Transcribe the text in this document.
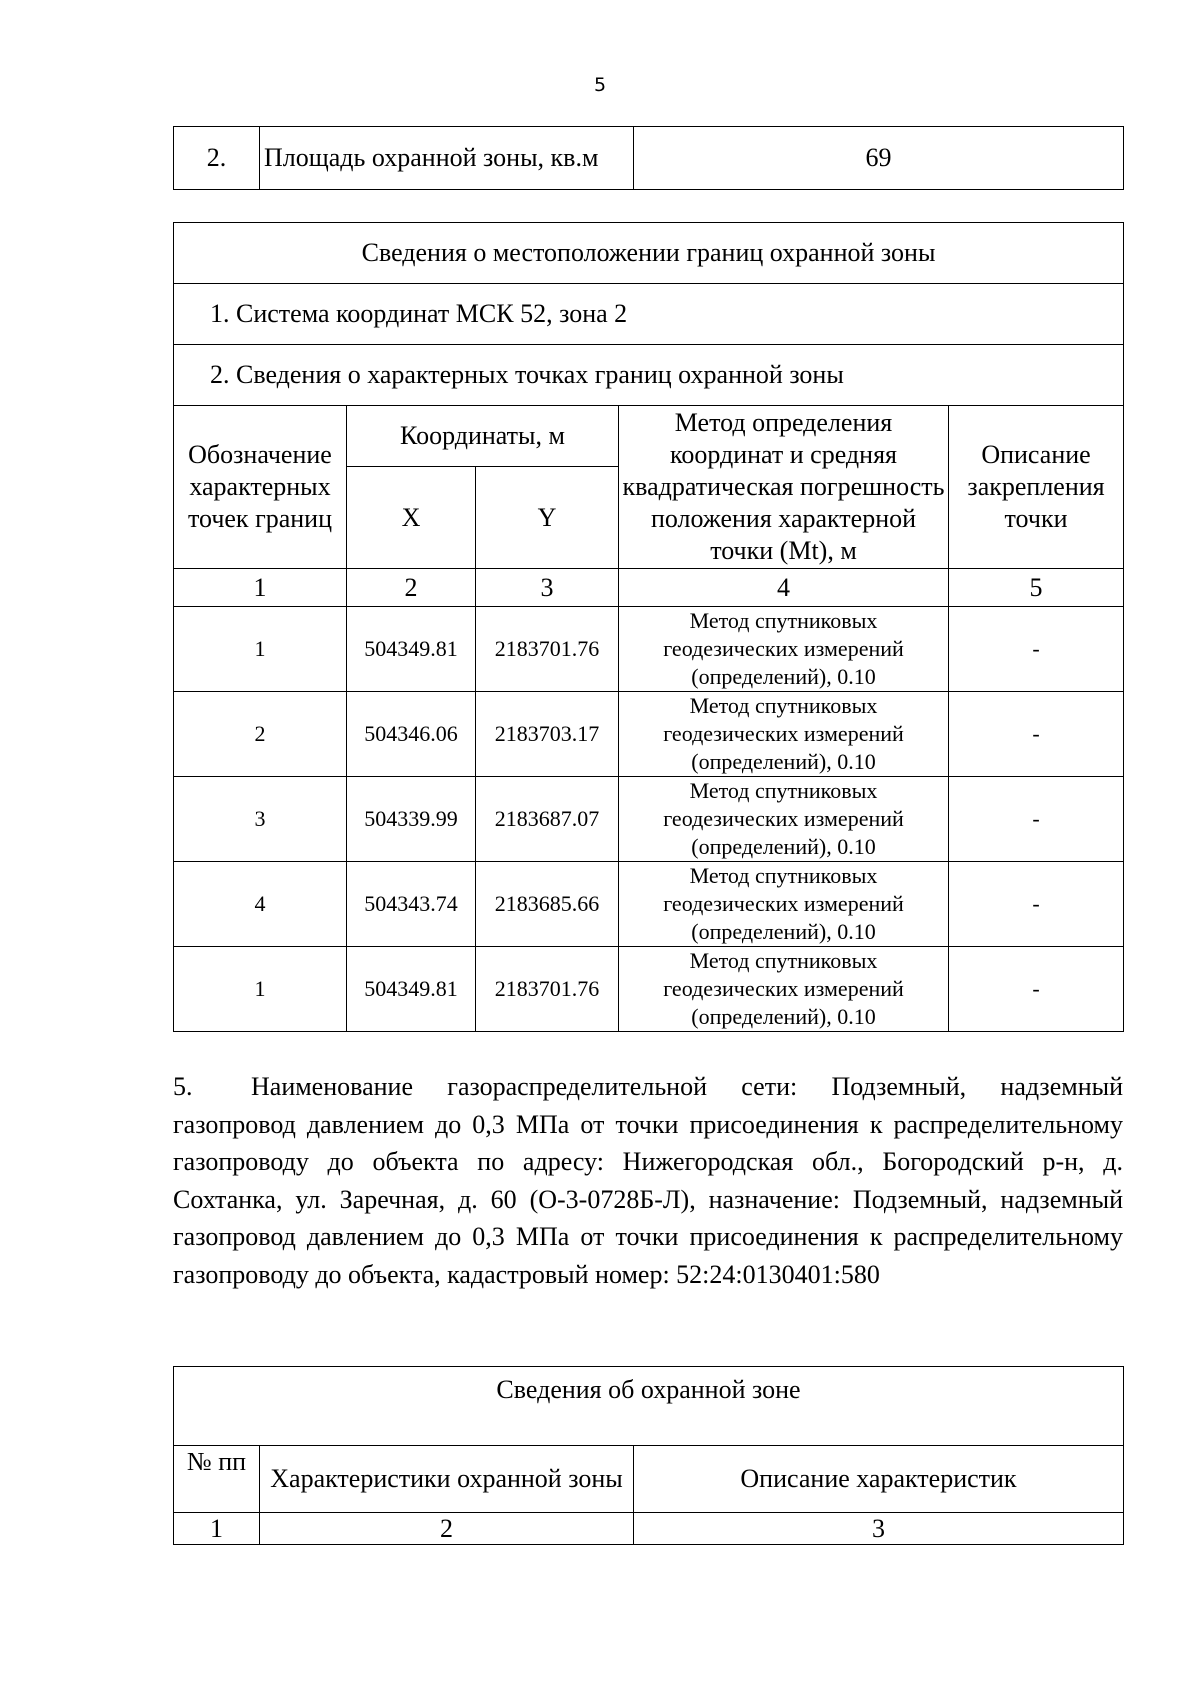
5
2.	Площадь охранной зоны, кв.м	69
Сведения о местоположении границ охранной зоны				
1. Система координат МСК 52, зона 2				
2. Сведения о характерных точках границ охранной зоны				
Обозначение характерных точек границ	Координаты, м		Метод определения координат и средняя квадратическая погрешность положения характерной точки (Mt), м	Описание закрепления точки
	X	Y		
1	2	3	4	5
1	504349.81	2183701.76	Метод спутниковых
геодезических измерений
(определений), 0.10	-
2	504346.06	2183703.17	Метод спутниковых
геодезических измерений
(определений), 0.10	-
3	504339.99	2183687.07	Метод спутниковых
геодезических измерений
(определений), 0.10	-
4	504343.74	2183685.66	Метод спутниковых
геодезических измерений
(определений), 0.10	-
1	504349.81	2183701.76	Метод спутниковых
геодезических измерений
(определений), 0.10	-

5. Наименование газораспределительной сети: Подземный, надземный газопровод давлением до 0,3 МПа от точки присоединения к распределительному газопроводу до объекта по адресу: Нижегородская обл., Богородский р-н, д. Сохтанка, ул. Заречная, д. 60 (О-3-0728Б-Л), назначение: Подземный, надземный газопровод давлением до 0,3 МПа от точки присоединения к распределительному газопроводу до объекта, кадастровый номер: 52:24:0130401:580

Сведения об охранной зоне		
№ пп	Характеристики охранной зоны	Описание характеристик
1	2	3
